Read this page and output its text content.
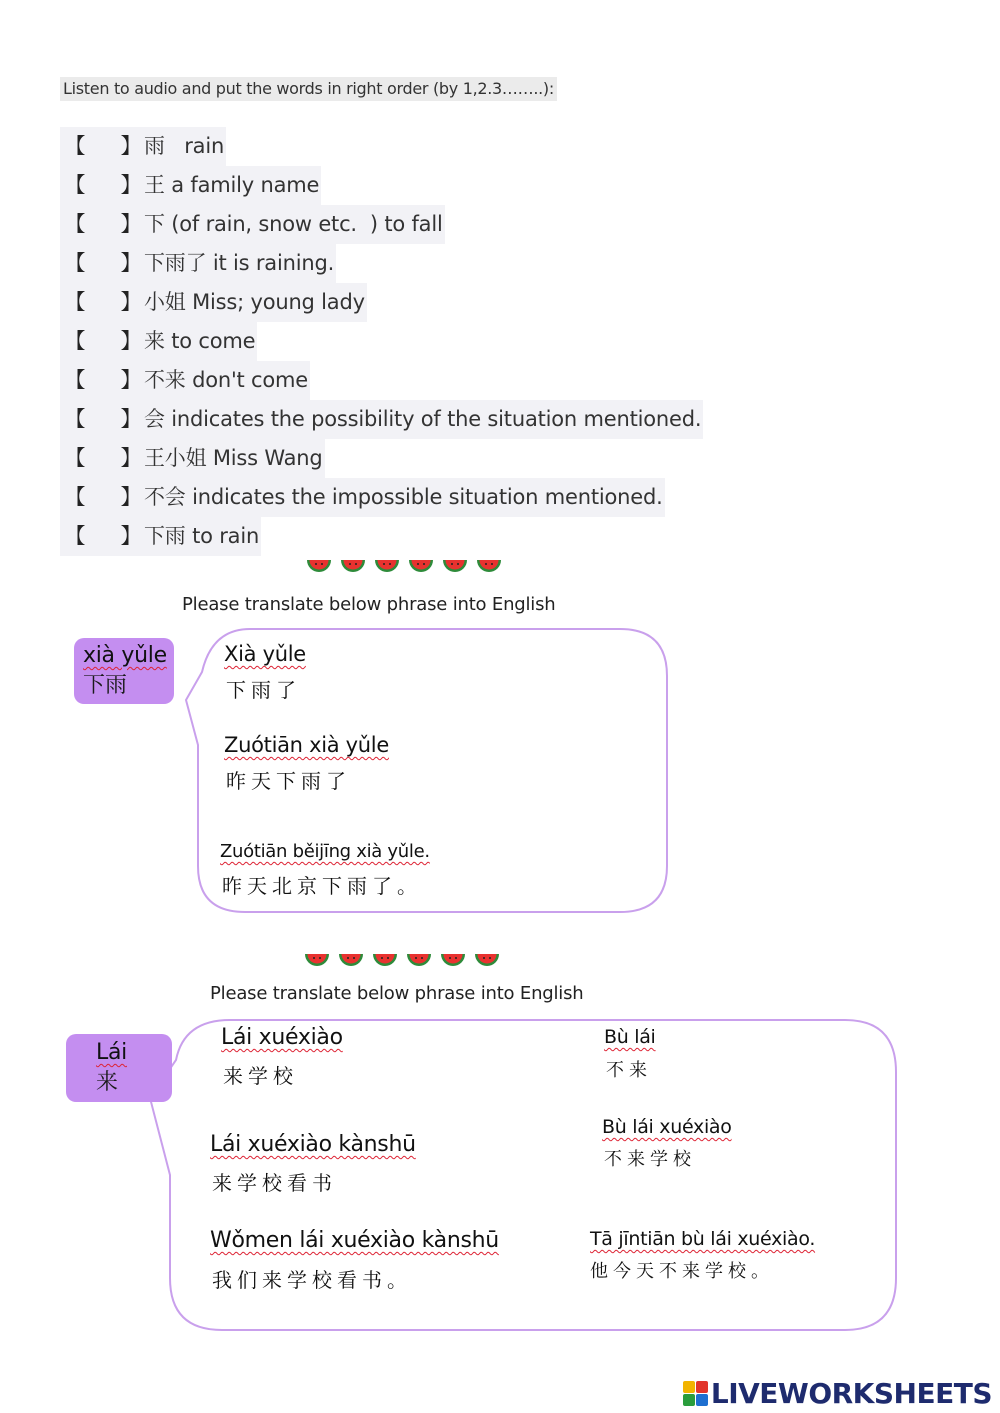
Listen to audio and put the words in right order (by 1,2.3……..):
【 】 雨   rain
【 】 王 a family name
【 】 下 (of rain, snow etc.  ) to fall
【 】 下雨了 it is raining.
【 】 小姐 Miss; young lady
【 】 来 to come
【 】 不来 don't come
【 】 会 indicates the possibility of the situation mentioned.
【 】 王小姐 Miss Wang
【 】 不会 indicates the impossible situation mentioned.
【 】 下雨 to rain
Please translate below phrase into English
xià yǔle
下雨
Xià yǔle
下雨了
Zuótiān xià yǔle
昨天下雨了
Zuótiān běijīng xià yǔle.
昨天北京下雨了。
Please translate below phrase into English
Lái
来
Lái xuéxiào
来学校
Lái xuéxiào kànshū
来学校看书
Wǒmen lái xuéxiào kànshū
我们来学校看书。
Bù lái
不来
Bù lái xuéxiào
不来学校
Tā jīntiān bù lái xuéxiào.
他今天不来学校。
LIVEWORKSHEETS
